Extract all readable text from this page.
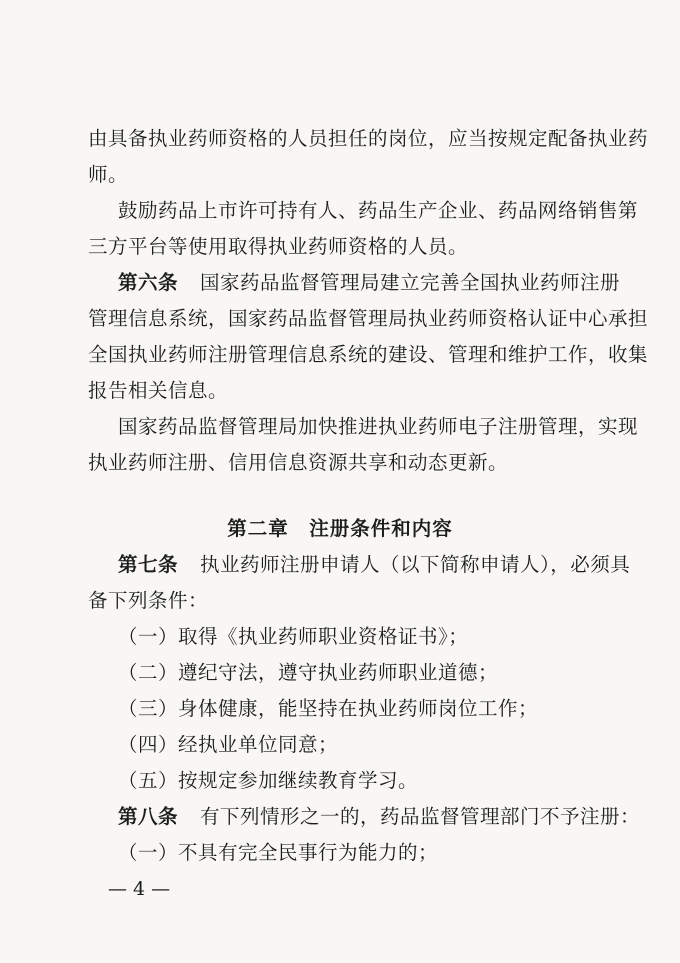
由具备执业药师资格的人员担任的岗位，应当按规定配备执业药
师。
鼓励药品上市许可持有人、药品生产企业、药品网络销售第
三方平台等使用取得执业药师资格的人员。
第六条 国家药品监督管理局建立完善全国执业药师注册
管理信息系统，国家药品监督管理局执业药师资格认证中心承担
全国执业药师注册管理信息系统的建设、管理和维护工作，收集
报告相关信息。
国家药品监督管理局加快推进执业药师电子注册管理，实现
执业药师注册、信用信息资源共享和动态更新。
第二章　注册条件和内容
第七条 执业药师注册申请人（以下简称申请人），必须具
备下列条件：
（一）取得《执业药师职业资格证书》；
（二）遵纪守法，遵守执业药师职业道德；
（三）身体健康，能坚持在执业药师岗位工作；
（四）经执业单位同意；
（五）按规定参加继续教育学习。
第八条 有下列情形之一的，药品监督管理部门不予注册：
（一）不具有完全民事行为能力的；
— 4 —
